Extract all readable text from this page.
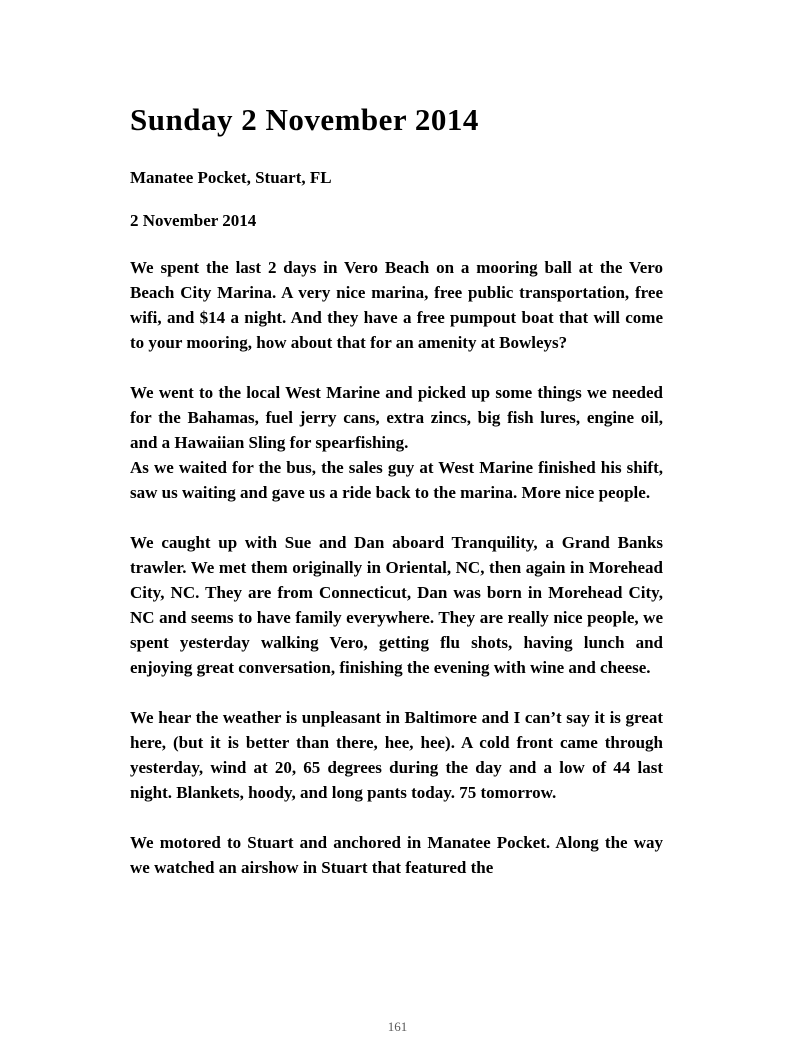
Sunday 2 November 2014

Manatee Pocket, Stuart, FL

2 November 2014

We spent the last 2 days in Vero Beach on a mooring ball at the Vero Beach City Marina. A very nice marina, free public transportation, free wifi, and $14 a night. And they have a free pumpout boat that will come to your mooring, how about that for an amenity at Bowleys?

We went to the local West Marine and picked up some things we needed for the Bahamas, fuel jerry cans, extra zincs, big fish lures, engine oil, and a Hawaiian Sling for spearfishing.

As we waited for the bus, the sales guy at West Marine finished his shift, saw us waiting and gave us a ride back to the marina. More nice people.

We caught up with Sue and Dan aboard Tranquility, a Grand Banks trawler. We met them originally in Oriental, NC, then again in Morehead City, NC. They are from Connecticut, Dan was born in Morehead City, NC and seems to have family everywhere. They are really nice people, we spent yesterday walking Vero, getting flu shots, having lunch and enjoying great conversation, finishing the evening with wine and cheese.

We hear the weather is unpleasant in Baltimore and I can’t say it is great here, (but it is better than there, hee, hee). A cold front came through yesterday, wind at 20, 65 degrees during the day and a low of 44 last night. Blankets, hoody, and long pants today. 75 tomorrow.

We motored to Stuart and anchored in Manatee Pocket. Along the way we watched an airshow in Stuart that featured the

161
